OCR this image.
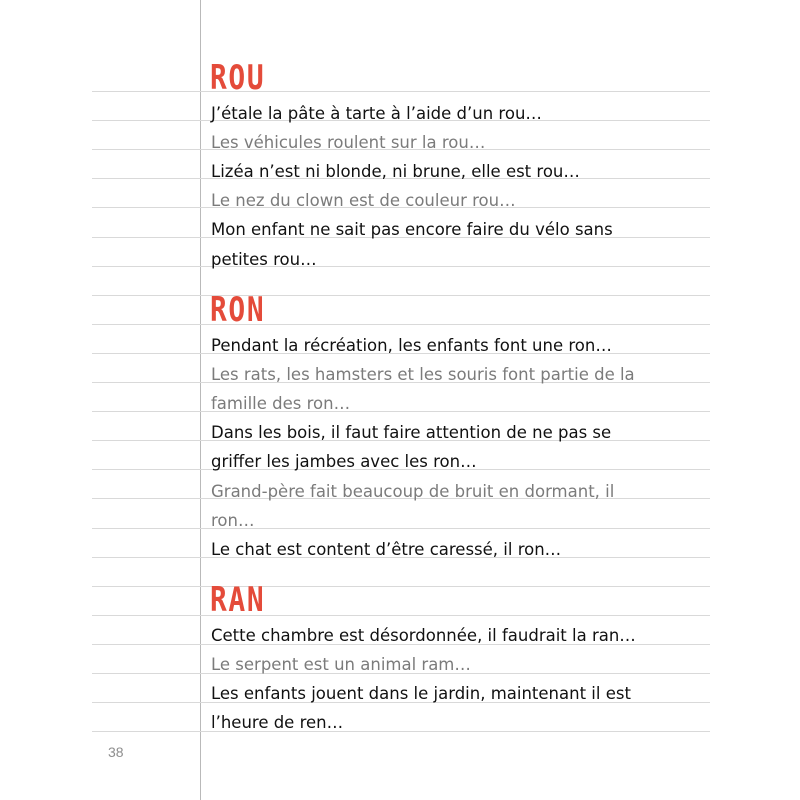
ROU
J’étale la pâte à tarte à l’aide d’un rou…
Les véhicules roulent sur la rou…
Lizéa n’est ni blonde, ni brune, elle est rou…
Le nez du clown est de couleur rou…
Mon enfant ne sait pas encore faire du vélo sans
petites rou…
RON
Pendant la récréation, les enfants font une ron…
Les rats, les hamsters et les souris font partie de la
famille des ron…
Dans les bois, il faut faire attention de ne pas se
griffer les jambes avec les ron…
Grand-père fait beaucoup de bruit en dormant, il
ron…
Le chat est content d’être caressé, il ron…
RAN
Cette chambre est désordonnée, il faudrait la ran…
Le serpent est un animal ram…
Les enfants jouent dans le jardin, maintenant il est
l’heure de ren…
38
